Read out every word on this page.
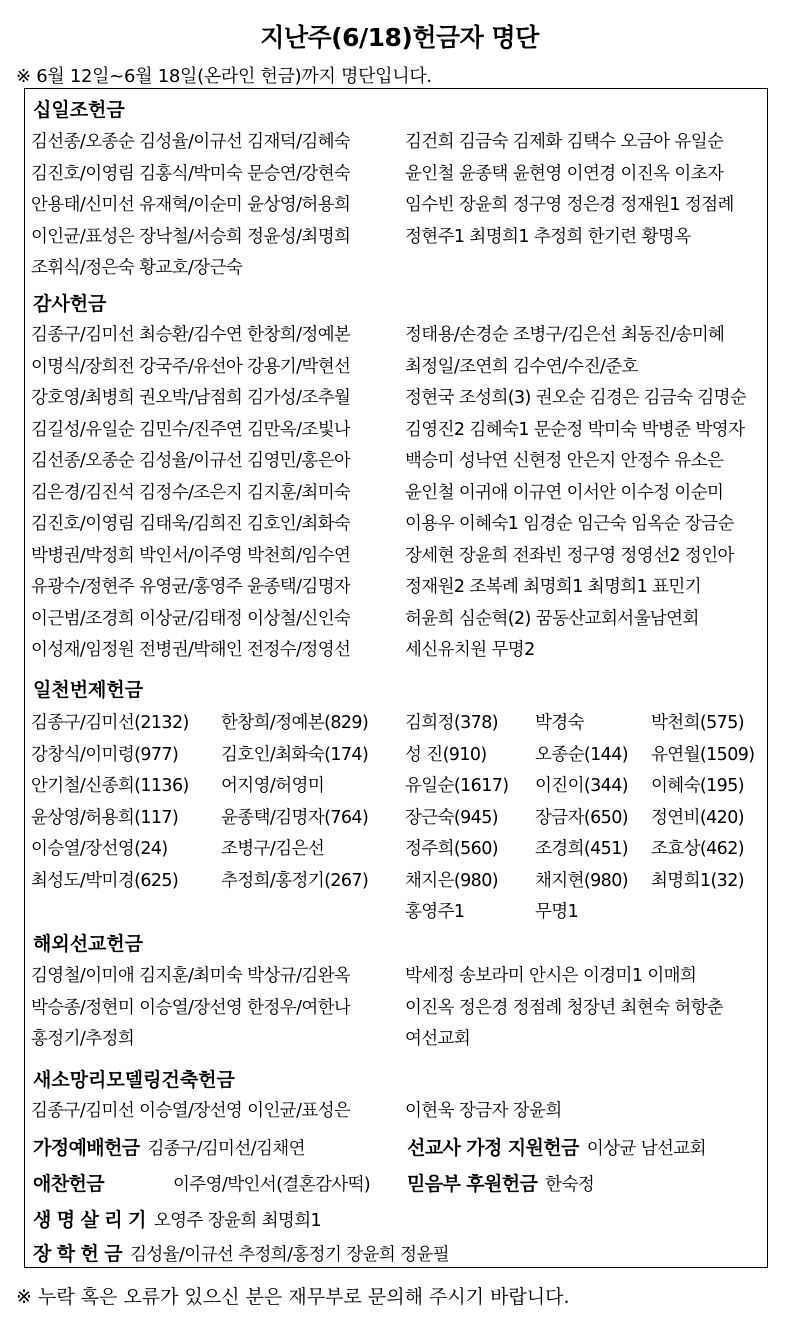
지난주(6/18)헌금자 명단
※ 6월 12일~6월 18일(온라인 헌금)까지 명단입니다.
십일조헌금
김선종/오종순 김성율/이규선 김재덕/김혜숙
김진호/이영림 김홍식/박미숙 문승연/강현숙
안용태/신미선 유재혁/이순미 윤상영/허용희
이인균/표성은 장낙철/서승희 정윤성/최명희
조휘식/정은숙 황교호/장근숙
김건희 김금숙 김제화 김택수 오금아 유일순
윤인철 윤종택 윤현영 이연경 이진옥 이초자
임수빈 장윤희 정구영 정은경 정재원1 정점례
정현주1 최명희1 추정희 한기련 황명옥
감사헌금
김종구/김미선 최승환/김수연 한창희/정예본
이명식/장희전 강국주/유선아 강용기/박현선
강호영/최병희 권오박/남점희 김가성/조추월
김길성/유일순 김민수/진주연 김만옥/조빛나
김선종/오종순 김성율/이규선 김영민/홍은아
김은경/김진석 김정수/조은지 김지훈/최미숙
김진호/이영림 김태욱/김희진 김호인/최화숙
박병권/박정희 박인서/이주영 박천희/임수연
유광수/정현주 유영균/홍영주 윤종택/김명자
이근범/조경희 이상균/김태정 이상철/신인숙
이성재/임정원 전병권/박해인 전정수/정영선
정태용/손경순 조병구/김은선 최동진/송미혜
최정일/조연희 김수연/수진/준호
정현국 조성희(3) 권오순 김경은 김금숙 김명순
김영진2 김혜숙1 문순정 박미숙 박병준 박영자
백승미 성낙연 신현정 안은지 안정수 유소은
윤인철 이귀애 이규연 이서안 이수정 이순미
이용우 이혜숙1 임경순 임근숙 임옥순 장금순
장세현 장윤희 전좌빈 정구영 정영선2 정인아
정재원2 조복례 최명희1 최명희1 표민기
허윤희 심순혁(2) 꿈동산교회서울남연회
세신유치원 무명2
일천번제헌금
김종구/김미선(2132) 한창희/정예본(829) 김희정(378) 박경숙	박천희(575)
강창식/이미령(977) 김호인/최화숙(174) 성 진(910)	오종순(144) 유연월(1509)
안기철/신종희(1136) 어지영/허영미	유일순(1617) 이진이(344) 이혜숙(195)
윤상영/허용희(117) 윤종택/김명자(764) 장근숙(945) 장금자(650) 정연비(420)
이승열/장선영(24)	조병구/김은선	정주희(560) 조경희(451) 조효상(462)
최성도/박미경(625) 추정희/홍정기(267) 채지은(980) 채지현(980) 최명희1(32)
홍영주1	무명1
해외선교헌금
김영철/이미애 김지훈/최미숙 박상규/김완옥
박승종/정현미 이승열/장선영 한정우/여한나
홍정기/추정희
박세정 송보라미 안시은 이경미1 이매희
이진옥 정은경 정점례 청장년 최현숙 허항춘
여선교회
새소망리모델링건축헌금
김종구/김미선 이승열/장선영 이인균/표성은	이현욱 장금자 장윤희
가정예배헌금 김종구/김미선/김채연	선교사 가정 지원헌금 이상균 남선교회
애찬헌금	이주영/박인서(결혼감사떡) 믿음부 후원헌금 한숙정
생 명 살 리 기 오영주 장윤희 최명희1
장 학 헌 금 김성율/이규선 추정희/홍정기 장윤희 정윤필
※ 누락 혹은 오류가 있으신 분은 재무부로 문의해 주시기 바랍니다.
